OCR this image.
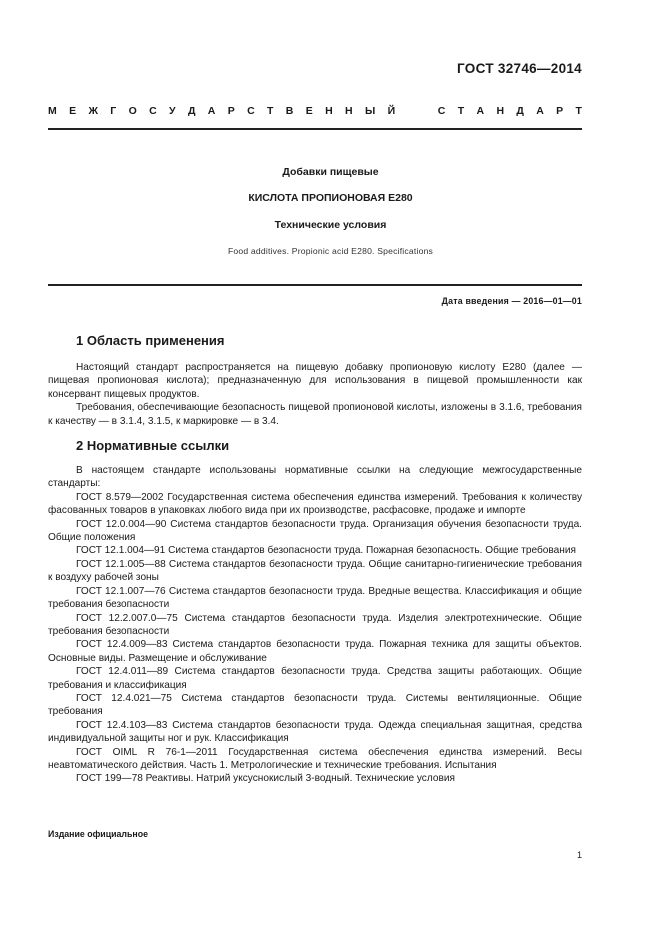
ГОСТ 32746—2014
М Е Ж Г О С У Д А Р С Т В Е Н Н Ы Й	С Т А Н Д А Р Т
Добавки пищевые
КИСЛОТА ПРОПИОНОВАЯ Е280
Технические условия
Food additives. Propionic acid E280. Specifications
Дата введения — 2016—01—01
1 Область применения

Настоящий стандарт распространяется на пищевую добавку пропионовую кислоту Е280 (далее — пищевая пропионовая кислота); предназначенную для использования в пищевой промышленности как консервант пищевых продуктов.

Требования, обеспечивающие безопасность пищевой пропионовой кислоты, изложены в 3.1.6, требования к качеству — в 3.1.4, 3.1.5, к маркировке — в 3.4.

2 Нормативные ссылки

В настоящем стандарте использованы нормативные ссылки на следующие межгосударственные стандарты:

ГОСТ 8.579—2002 Государственная система обеспечения единства измерений. Требования к количеству фасованных товаров в упаковках любого вида при их производстве, расфасовке, продаже и импорте

ГОСТ 12.0.004—90 Система стандартов безопасности труда. Организация обучения безопасности труда. Общие положения

ГОСТ 12.1.004—91 Система стандартов безопасности труда. Пожарная безопасность. Общие требования

ГОСТ 12.1.005—88 Система стандартов безопасности труда. Общие санитарно-гигиенические требования к воздуху рабочей зоны

ГОСТ 12.1.007—76 Система стандартов безопасности труда. Вредные вещества. Классификация и общие требования безопасности

ГОСТ 12.2.007.0—75 Система стандартов безопасности труда. Изделия электротехнические. Общие требования безопасности

ГОСТ 12.4.009—83 Система стандартов безопасности труда. Пожарная техника для защиты объектов. Основные виды. Размещение и обслуживание

ГОСТ 12.4.011—89 Система стандартов безопасности труда. Средства защиты работающих. Общие требования и классификация

ГОСТ 12.4.021—75 Система стандартов безопасности труда. Системы вентиляционные. Общие требования

ГОСТ 12.4.103—83 Система стандартов безопасности труда. Одежда специальная защитная, средства индивидуальной защиты ног и рук. Классификация

ГОСТ OIML R 76-1—2011 Государственная система обеспечения единства измерений. Весы неавтоматического действия. Часть 1. Метрологические и технические требования. Испытания

ГОСТ 199—78 Реактивы. Натрий уксуснокислый 3-водный. Технические условия

Издание официальное
1
